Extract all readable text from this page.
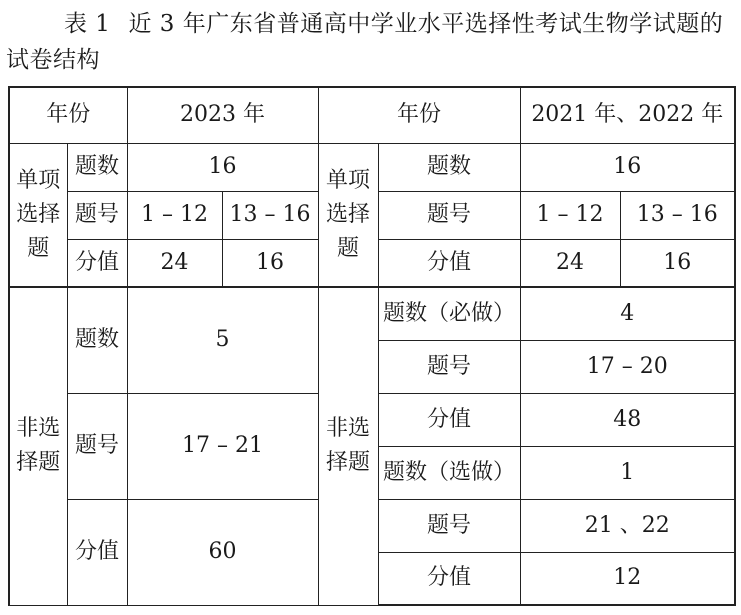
表 1 近 3 年广东省普通高中学业水平选择性考试生物学试题的
试卷结构
年份		2023 年		年份		2021 年、2022 年	
单项选择题	题数	16		单项选择题	题数	16	
	题号	1 – 12	13 – 16		题号	1 – 12	13 – 16
	分值	24	16		分值	24	16
非选择题	题数	5		非选择题	题数（必做）	4	
					题号	17 – 20	
	题号	17 – 21			分值	48	
					题数（选做）	1	
	分值	60			题号	21 、22	
					分值	12	
